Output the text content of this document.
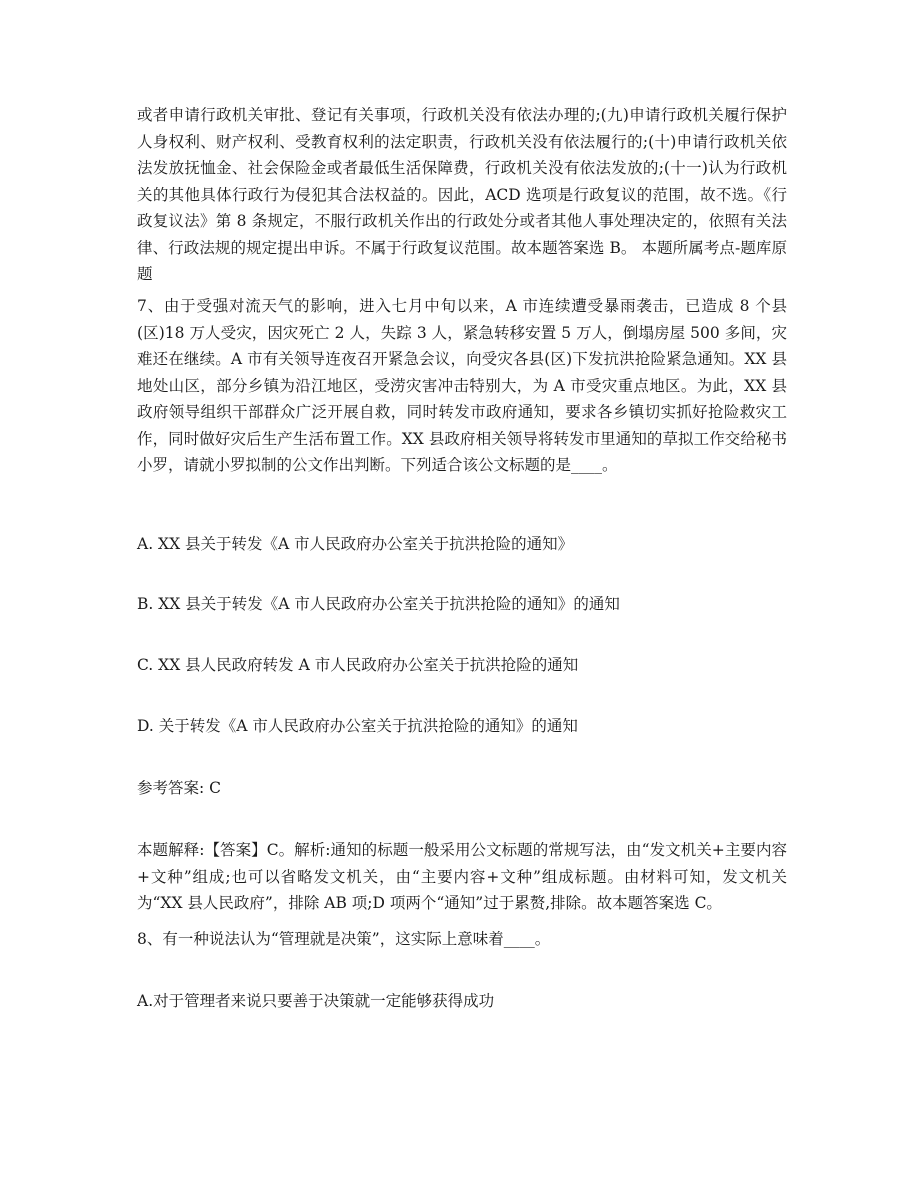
或者申请行政机关审批、登记有关事项，行政机关没有依法办理的;(九)申请行政机关履行保护人身权利、财产权利、受教育权利的法定职责，行政机关没有依法履行的;(十)申请行政机关依法发放抚恤金、社会保险金或者最低生活保障费，行政机关没有依法发放的;(十一)认为行政机关的其他具体行政行为侵犯其合法权益的。因此，ACD 选项是行政复议的范围，故不选。《行政复议法》第 8 条规定，不服行政机关作出的行政处分或者其他人事处理决定的，依照有关法律、行政法规的规定提出申诉。不属于行政复议范围。故本题答案选 B。 本题所属考点-题库原题

7、由于受强对流天气的影响，进入七月中旬以来，A 市连续遭受暴雨袭击，已造成 8 个县(区)18 万人受灾，因灾死亡 2 人，失踪 3 人，紧急转移安置 5 万人，倒塌房屋 500 多间，灾难还在继续。A 市有关领导连夜召开紧急会议，向受灾各县(区)下发抗洪抢险紧急通知。XX 县地处山区，部分乡镇为沿江地区，受涝灾害冲击特别大，为 A 市受灾重点地区。为此，XX 县政府领导组织干部群众广泛开展自救，同时转发市政府通知，要求各乡镇切实抓好抢险救灾工作，同时做好灾后生产生活布置工作。XX 县政府相关领导将转发市里通知的草拟工作交给秘书小罗，请就小罗拟制的公文作出判断。下列适合该公文标题的是____。

A. XX 县关于转发《A 市人民政府办公室关于抗洪抢险的通知》

B. XX 县关于转发《A 市人民政府办公室关于抗洪抢险的通知》的通知

C. XX 县人民政府转发 A 市人民政府办公室关于抗洪抢险的通知

D. 关于转发《A 市人民政府办公室关于抗洪抢险的通知》的通知

参考答案: C

本题解释:【答案】C。解析:通知的标题一般采用公文标题的常规写法，由“发文机关+主要内容+文种”组成;也可以省略发文机关，由“主要内容+文种”组成标题。由材料可知，发文机关为“XX 县人民政府”，排除 AB 项;D 项两个“通知”过于累赘,排除。故本题答案选 C。

8、有一种说法认为“管理就是决策”，这实际上意味着____。

A.对于管理者来说只要善于决策就一定能够获得成功
